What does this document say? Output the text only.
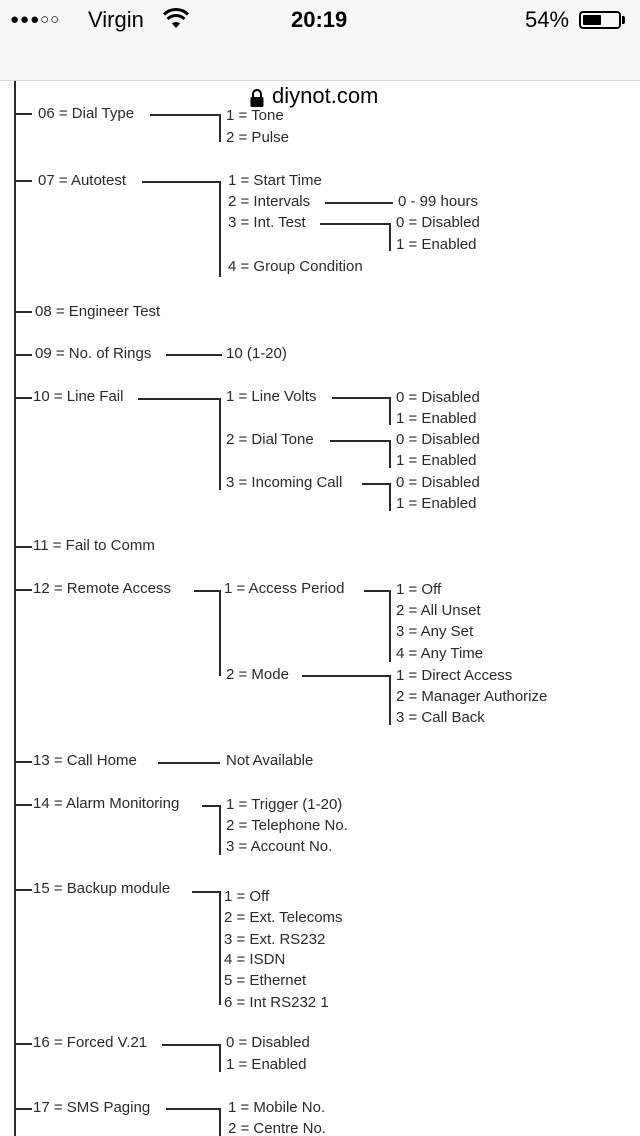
●●●○○ Virgin	20:19	54%
diynot.com
06 = Dial Type	1 = Tone
2 = Pulse
07 = Autotest	1 = Start Time
2 = Intervals	0 - 99 hours
3 = Int. Test	0 = Disabled
1 = Enabled
4 = Group Condition
08 = Engineer Test
09 = No. of Rings	10 (1-20)
10 = Line Fail	1 = Line Volts	0 = Disabled
1 = Enabled
2 = Dial Tone	0 = Disabled
1 = Enabled
3 = Incoming Call	0 = Disabled
1 = Enabled
11 = Fail to Comm
12 = Remote Access	1 = Access Period	1 = Off
2 = All Unset
3 = Any Set
4 = Any Time
2 = Mode	1 = Direct Access
2 = Manager Authorize
3 = Call Back
13 = Call Home	Not Available
14 = Alarm Monitoring	1 = Trigger (1-20)
2 = Telephone No.
3 = Account No.
15 = Backup module	1 = Off
2 = Ext. Telecoms
3 = Ext. RS232
4 = ISDN
5 = Ethernet
6 = Int RS232 1
16 = Forced V.21	0 = Disabled
1 = Enabled
17 = SMS Paging	1 = Mobile No.
2 = Centre No.
